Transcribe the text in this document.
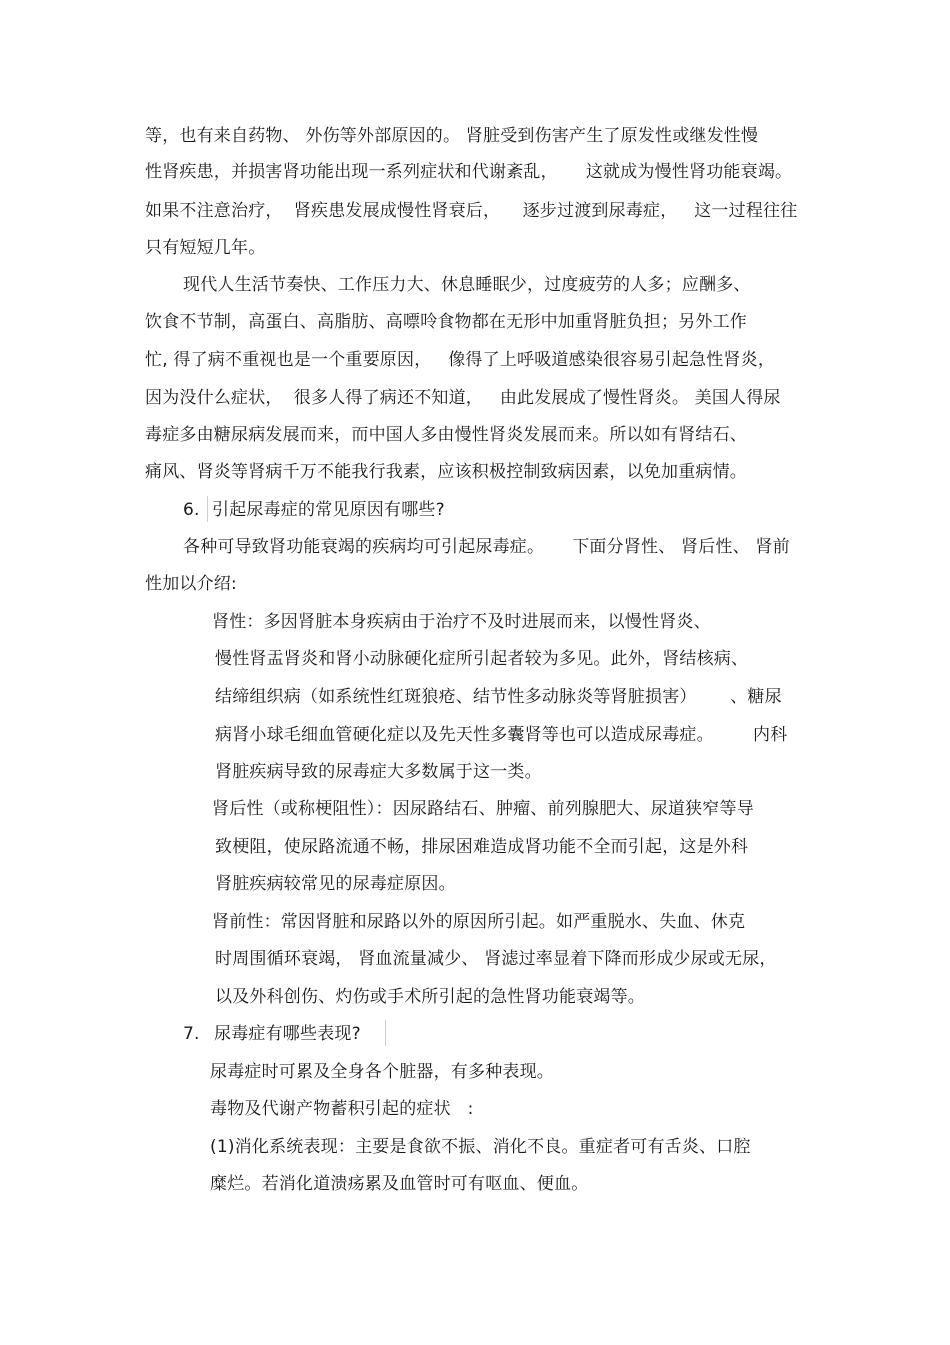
等，也有来自药物、 外伤等外部原因的。 肾脏受到伤害产生了原发性或继发性慢
性肾疾患，并损害肾功能出现一系列症状和代谢紊乱，     这就成为慢性肾功能衰竭。
如果不注意治疗，  肾疾患发展成慢性肾衰后，    逐步过渡到尿毒症，   这一过程往往
只有短短几年。
现代人生活节奏快、工作压力大、休息睡眠少，过度疲劳的人多；应酬多、
饮食不节制，高蛋白、高脂肪、高嘌呤食物都在无形中加重肾脏负担；另外工作
忙, 得了病不重视也是一个重要原因，   像得了上呼吸道感染很容易引起急性肾炎，
因为没什么症状，  很多人得了病还不知道，   由此发展成了慢性肾炎。 美国人得尿
毒症多由糖尿病发展而来，而中国人多由慢性肾炎发展而来。所以如有肾结石、
痛风、肾炎等肾病千万不能我行我素，应该积极控制致病因素，以免加重病情。
6. 引起尿毒症的常见原因有哪些?
各种可导致肾功能衰竭的疾病均可引起尿毒症。     下面分肾性、 肾后性、 肾前
性加以介绍:
肾性：多因肾脏本身疾病由于治疗不及时进展而来，以慢性肾炎、
慢性肾盂肾炎和肾小动脉硬化症所引起者较为多见。此外，肾结核病、
结缔组织病（如系统性红斑狼疮、结节性多动脉炎等肾脏损害）      、糖尿
病肾小球毛细血管硬化症以及先天性多囊肾等也可以造成尿毒症。       内科
肾脏疾病导致的尿毒症大多数属于这一类。
肾后性（或称梗阻性）：因尿路结石、肿瘤、前列腺肥大、尿道狭窄等导
致梗阻，使尿路流通不畅，排尿困难造成肾功能不全而引起，这是外科
肾脏疾病较常见的尿毒症原因。
肾前性：常因肾脏和尿路以外的原因所引起。如严重脱水、失血、休克
时周围循环衰竭， 肾血流量减少、 肾滤过率显着下降而形成少尿或无尿，
以及外科创伤、灼伤或手术所引起的急性肾功能衰竭等。
7. 尿毒症有哪些表现?
尿毒症时可累及全身各个脏器，有多种表现。
毒物及代谢产物蓄积引起的症状   :
(1)消化系统表现：主要是食欲不振、消化不良。重症者可有舌炎、口腔
糜烂。若消化道溃疡累及血管时可有呕血、便血。
